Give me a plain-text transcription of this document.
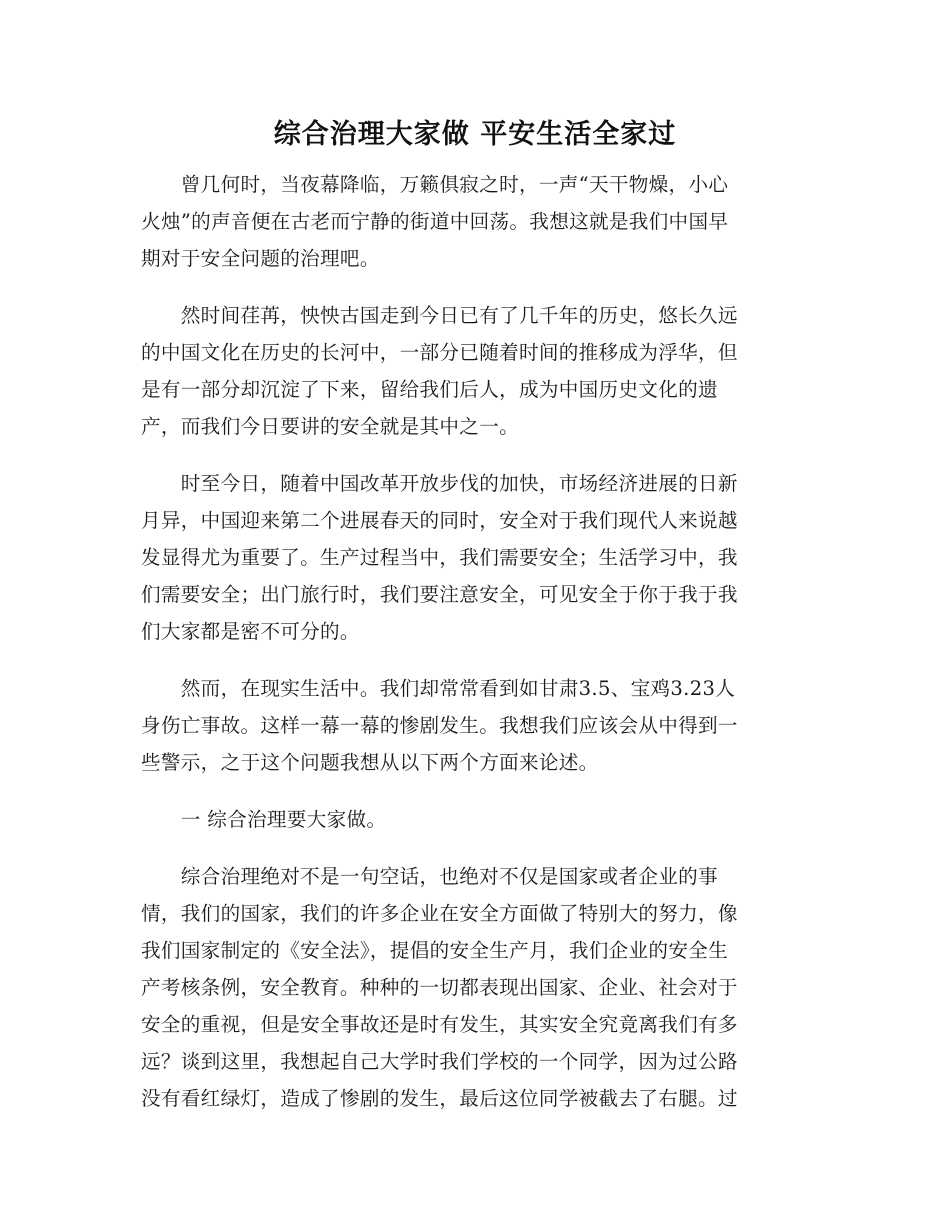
综合治理大家做 平安生活全家过
　　曾几何时，当夜幕降临，万籁俱寂之时，一声“天干物燥，小心
火烛”的声音便在古老而宁静的街道中回荡。我想这就是我们中国早
期对于安全问题的治理吧。
　　然时间荏苒，怏怏古国走到今日已有了几千年的历史，悠长久远
的中国文化在历史的长河中，一部分已随着时间的推移成为浮华，但
是有一部分却沉淀了下来，留给我们后人，成为中国历史文化的遗
产，而我们今日要讲的安全就是其中之一。
　　时至今日，随着中国改革开放步伐的加快，市场经济进展的日新
月异，中国迎来第二个进展春天的同时，安全对于我们现代人来说越
发显得尤为重要了。生产过程当中，我们需要安全；生活学习中，我
们需要安全；出门旅行时，我们要注意安全，可见安全于你于我于我
们大家都是密不可分的。
　　然而，在现实生活中。我们却常常看到如甘肃3.5、宝鸡3.23人
身伤亡事故。这样一幕一幕的惨剧发生。我想我们应该会从中得到一
些警示，之于这个问题我想从以下两个方面来论述。
　　一 综合治理要大家做。
　　综合治理绝对不是一句空话，也绝对不仅是国家或者企业的事
情，我们的国家，我们的许多企业在安全方面做了特别大的努力，像
我们国家制定的《安全法》，提倡的安全生产月，我们企业的安全生
产考核条例，安全教育。种种的一切都表现出国家、企业、社会对于
安全的重视，但是安全事故还是时有发生，其实安全究竟离我们有多
远？谈到这里，我想起自己大学时我们学校的一个同学，因为过公路
没有看红绿灯，造成了惨剧的发生，最后这位同学被截去了右腿。过
